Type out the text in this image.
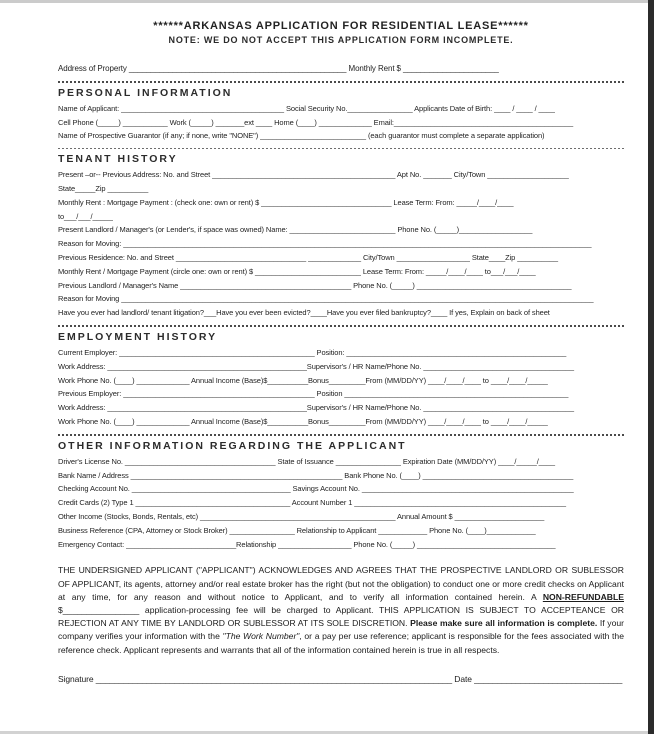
******ARKANSAS APPLICATION FOR RESIDENTIAL LEASE******
NOTE: WE DO NOT ACCEPT THIS APPLICATION FORM INCOMPLETE.
Address of Property __________________________________________________ Monthly Rent $ ______________________
PERSONAL INFORMATION
Name of Applicant: ________________________________________ Social Security No.________________ Applicants Date of Birth: ____ / ____ / ____
Cell Phone (_____) ___________ Work (_____) _______ext ____ Home (____) _____________ Email:____________________________________________
Name of Prospective Guarantor (if any; if none, write "NONE") __________________________ (each guarantor must complete a separate application)
TENANT HISTORY
Present –or-- Previous Address: No. and Street _____________________________________________ Apt No. _______ City/Town ____________________
State_____Zip __________
Monthly Rent : Mortgage Payment : (check one: own or rent) $ ________________________________ Lease Term: From: _____/____/____
to___/___/_____
Present Landlord / Manager's (or Lender's, if space was owned) Name: __________________________ Phone No. (_____)__________________
Reason for Moving: ___________________________________________________________________________________________________________________
Previous Residence: No. and Street ________________________________ _____________ City/Town __________________ State____Zip __________
Monthly Rent / Mortgage Payment (circle one: own or rent) $ __________________________ Lease Term: From: _____/____/____ to___/___/____
Previous Landlord / Manager's Name __________________________________________ Phone No. (_____) ______________________________________
Reason for Moving ____________________________________________________________________________________________________________________
Have you ever had landlord/ tenant litigation?___Have you ever been evicted?____Have you ever filed bankruptcy?____ If yes, Explain on back of sheet
EMPLOYMENT HISTORY
Current Employer: ________________________________________________ Position: ______________________________________________________
Work Address: _________________________________________________Supervisor's / HR Name/Phone No. _____________________________________
Work Phone No. (____) _____________ Annual Income (Base)$__________Bonus_________From (MM/DD/YY) ____/____/____ to ____/____/_____
Previous Employer: _______________________________________________ Position _______________________________________________________
Work Address: _________________________________________________Supervisor's / HR Name/Phone No. _____________________________________
Work Phone No. (____) _____________ Annual Income (Base)$__________Bonus_________From (MM/DD/YY) ____/____/____ to ____/____/_____
OTHER INFORMATION REGARDING THE APPLICANT
Driver's License No. _____________________________________ State of Issuance ________________ Expiration Date (MM/DD/YY) ____/_____/____
Bank Name / Address ____________________________________________________ Bank Phone No. (____) _____________________________________
Checking Account No. _______________________________________ Savings Account No. ____________________________________________________
Credit Cards (2) Type 1 ______________________________________ Account Number 1 ____________________________________________________
Other Income (Stocks, Bonds, Rentals, etc) ________________________________________________ Annual Amount $ ______________________
Business Reference (CPA, Attorney or Stock Broker) ________________ Relationship to Applicant ____________ Phone No. (____)____________
Emergency Contact: ___________________________Relationship __________________ Phone No. (_____) __________________________________
THE UNDERSIGNED APPLICANT ("APPLICANT") ACKNOWLEDGES AND AGREES THAT THE PROSPECTIVE LANDLORD OR SUBLESSOR OF APPLICANT, its agents, attorney and/or real estate broker has the right (but not the obligation) to conduct one or more credit checks on Applicant at any time, for any reason and without notice to Applicant, and to verify all information contained herein. A NON-REFUNDABLE $________________ application-processing fee will be charged to Applicant. THIS APPLICATION IS SUBJECT TO ACCEPTEANCE OR REJECTION AT ANY TIME BY LANDLORD OR SUBLESSOR AT ITS SOLE DISCRETION. Please make sure all information is complete. If your company verifies your information with the "The Work Number", or a pay per use reference; applicant is responsible for the fees associated with the reference check. Applicant represents and warrants that all of the information contained herein is true in all respects.
Signature _____________________________________________________________________________ Date ________________________________
